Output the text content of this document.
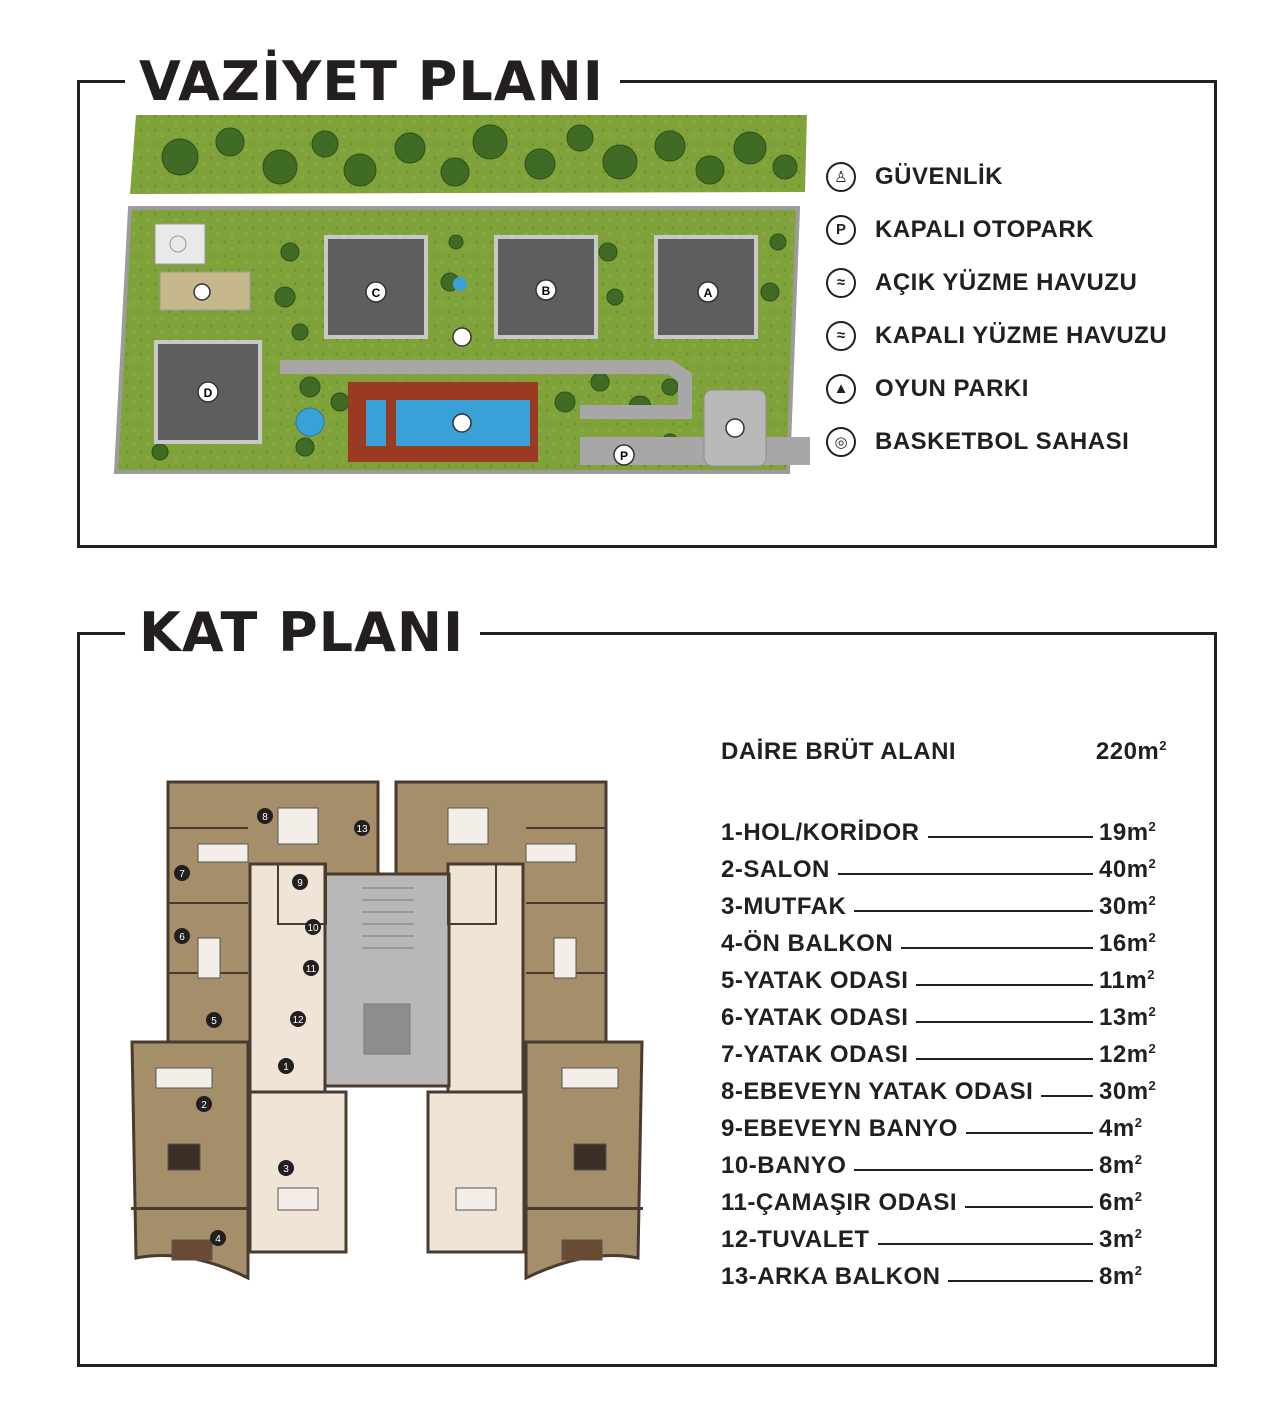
VAZİYET PLANI
C	B	A
D
P
♙	GÜVENLİK
P	KAPALI OTOPARK
≈	AÇIK YÜZME HAVUZU
≈	KAPALI YÜZME HAVUZU
▲	OYUN PARKI
◎	BASKETBOL SAHASI
KAT PLANI
1
2
3
4
5
6
7
8
9
10
11
12
13
DAİRE BRÜT ALANI	$220m^2$
1-HOL/KORİDOR	$19m^2$
2-SALON	$40m^2$
3-MUTFAK	$30m^2$
4-ÖN BALKON	$16m^2$
5-YATAK ODASI	$11m^2$
6-YATAK ODASI	$13m^2$
7-YATAK ODASI	$12m^2$
8-EBEVEYN YATAK ODASI	$30m^2$
9-EBEVEYN BANYO	$4m^2$
10-BANYO	$8m^2$
11-ÇAMAŞIR ODASI	$6m^2$
12-TUVALET	$3m^2$
13-ARKA BALKON	$8m^2$
